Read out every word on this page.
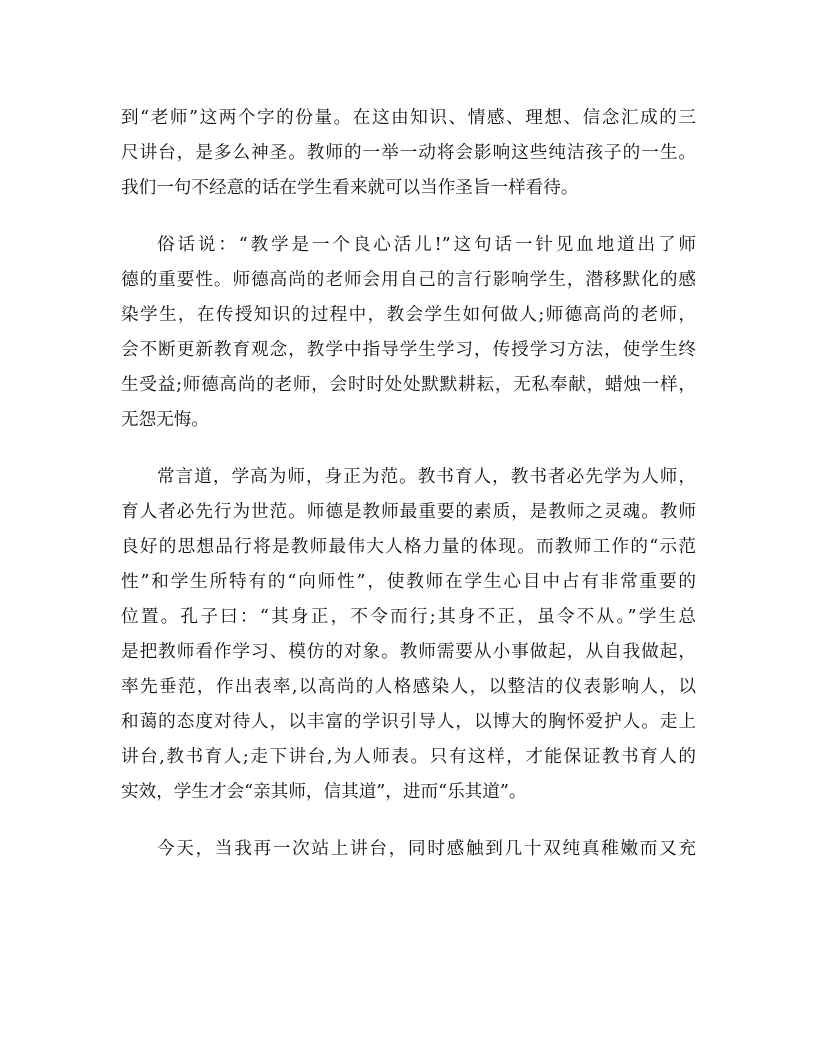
到“老师”这两个字的份量。在这由知识、情感、理想、信念汇成的三
尺讲台，是多么神圣。教师的一举一动将会影响这些纯洁孩子的一生。
我们一句不经意的话在学生看来就可以当作圣旨一样看待。
俗话说：“教学是一个良心活儿!”这句话一针见血地道出了师
德的重要性。师德高尚的老师会用自己的言行影响学生，潜移默化的感
染学生，在传授知识的过程中，教会学生如何做人;师德高尚的老师，
会不断更新教育观念，教学中指导学生学习，传授学习方法，使学生终
生受益;师德高尚的老师，会时时处处默默耕耘，无私奉献，蜡烛一样，
无怨无悔。
常言道，学高为师，身正为范。教书育人，教书者必先学为人师，
育人者必先行为世范。师德是教师最重要的素质，是教师之灵魂。教师
良好的思想品行将是教师最伟大人格力量的体现。而教师工作的“示范
性”和学生所特有的“向师性”，使教师在学生心目中占有非常重要的
位置。孔子曰：“其身正，不令而行;其身不正，虽令不从。”学生总
是把教师看作学习、模仿的对象。教师需要从小事做起，从自我做起，
率先垂范，作出表率,以高尚的人格感染人，以整洁的仪表影响人，以
和蔼的态度对待人，以丰富的学识引导人，以博大的胸怀爱护人。走上
讲台,教书育人;走下讲台,为人师表。只有这样，才能保证教书育人的
实效，学生才会“亲其师，信其道”，进而“乐其道”。
今天，当我再一次站上讲台，同时感触到几十双纯真稚嫩而又充
